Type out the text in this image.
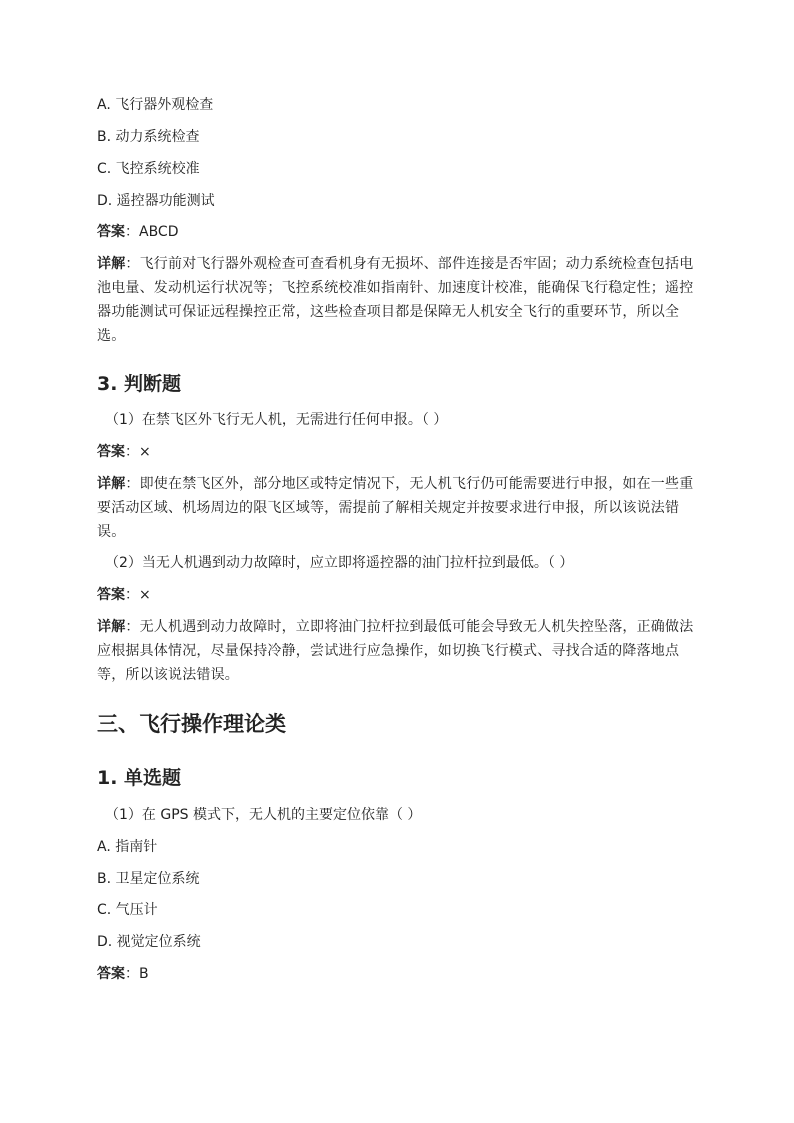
A. 飞行器外观检查
B. 动力系统检查
C. 飞控系统校准
D. 遥控器功能测试
答案：ABCD
详解：飞行前对飞行器外观检查可查看机身有无损坏、部件连接是否牢固；动力系统检查包括电池电量、发动机运行状况等；飞控系统校准如指南针、加速度计校准，能确保飞行稳定性；遥控器功能测试可保证远程操控正常，这些检查项目都是保障无人机安全飞行的重要环节，所以全选。
3. 判断题
（1）在禁飞区外飞行无人机，无需进行任何申报。（ ）
答案：×
详解：即使在禁飞区外，部分地区或特定情况下，无人机飞行仍可能需要进行申报，如在一些重要活动区域、机场周边的限飞区域等，需提前了解相关规定并按要求进行申报，所以该说法错误。
（2）当无人机遇到动力故障时，应立即将遥控器的油门拉杆拉到最低。（ ）
答案：×
详解：无人机遇到动力故障时，立即将油门拉杆拉到最低可能会导致无人机失控坠落，正确做法应根据具体情况，尽量保持冷静，尝试进行应急操作，如切换飞行模式、寻找合适的降落地点等，所以该说法错误。
三、飞行操作理论类
1. 单选题
（1）在 GPS 模式下，无人机的主要定位依靠（ ）
A. 指南针
B. 卫星定位系统
C. 气压计
D. 视觉定位系统
答案：B
